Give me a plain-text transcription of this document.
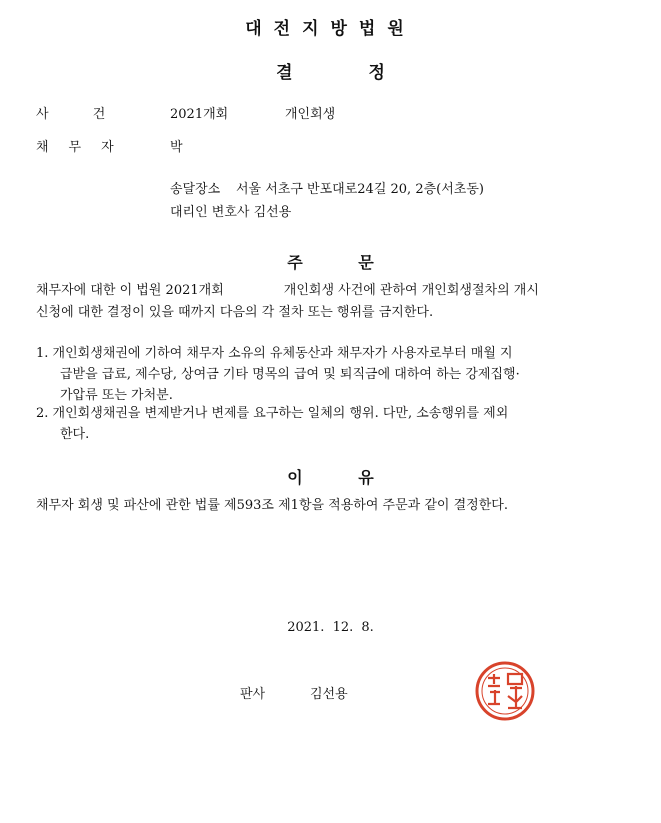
대전지방법원
결 정
사 건	2021개회	개인회생
채무자	박
송달장소 서울 서초구 반포대로24길 20, 2층(서초동)
대리인 변호사 김선용
주 문
채무자에 대한 이 법원 2021개회	개인회생 사건에 관하여 개인회생절차의 개시
신청에 대한 결정이 있을 때까지 다음의 각 절차 또는 행위를 금지한다.
1. 개인회생채권에 기하여 채무자 소유의 유체동산과 채무자가 사용자로부터 매월 지
급받을 급료, 제수당, 상여금 기타 명목의 급여 및 퇴직금에 대하여 하는 강제집행·
가압류 또는 가처분.
2. 개인회생채권을 변제받거나 변제를 요구하는 일체의 행위. 다만, 소송행위를 제외
한다.
이 유
채무자 회생 및 파산에 관한 법률 제593조 제1항을 적용하여 주문과 같이 결정한다.
2021. 12. 8.
판사	김선용
